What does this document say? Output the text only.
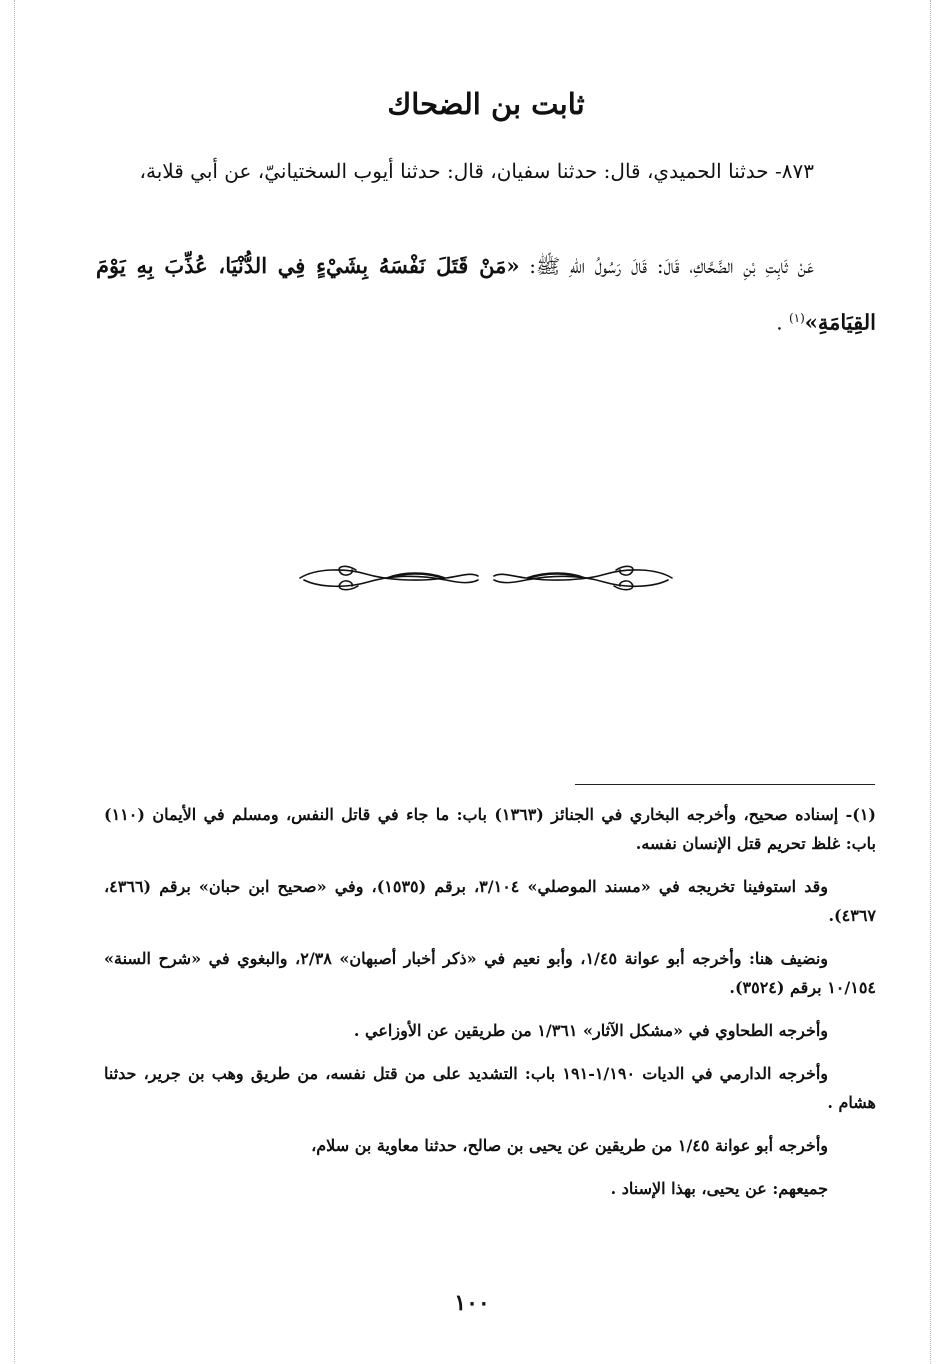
ثابت بن الضحاك
٨٧٣- حدثنا الحميدي، قال: حدثنا سفيان، قال: حدثنا أيوب السختيانيّ، عن أبي قلابة،
عَنْ ثَابِتِ بْنِ الضَّحَّاكِ، قَالَ: قَالَ رَسُولُ اللهِ ﷺ: «مَنْ قَتَلَ نَفْسَهُ بِشَيْءٍ فِي الدُّنْيَا، عُذِّبَ بِهِ يَوْمَ القِيَامَةِ»$^{(١)}$ .

(١)- إسناده صحيح، وأخرجه البخاري في الجنائز (١٣٦٣) باب: ما جاء في قاتل النفس، ومسلم في الأيمان (١١٠) باب: غلظ تحريم قتل الإنسان نفسه.

وقد استوفينا تخريجه في «مسند الموصلي» ٣/١٠٤، برقم (١٥٣٥)، وفي «صحيح ابن حبان» برقم (٤٣٦٦، ٤٣٦٧).

ونضيف هنا: وأخرجه أبو عوانة ١/٤٥، وأبو نعيم في «ذكر أخبار أصبهان» ٢/٣٨، والبغوي في «شرح السنة» ١٠/١٥٤ برقم (٣٥٢٤).

وأخرجه الطحاوي في «مشكل الآثار» ١/٣٦١ من طريقين عن الأوزاعي .

وأخرجه الدارمي في الديات ١/١٩٠-١٩١ باب: التشديد على من قتل نفسه، من طريق وهب بن جرير، حدثنا هشام .

وأخرجه أبو عوانة ١/٤٥ من طريقين عن يحيى بن صالح، حدثنا معاوية بن سلام،

جميعهم: عن يحيى، بهذا الإسناد .

١٠٠
